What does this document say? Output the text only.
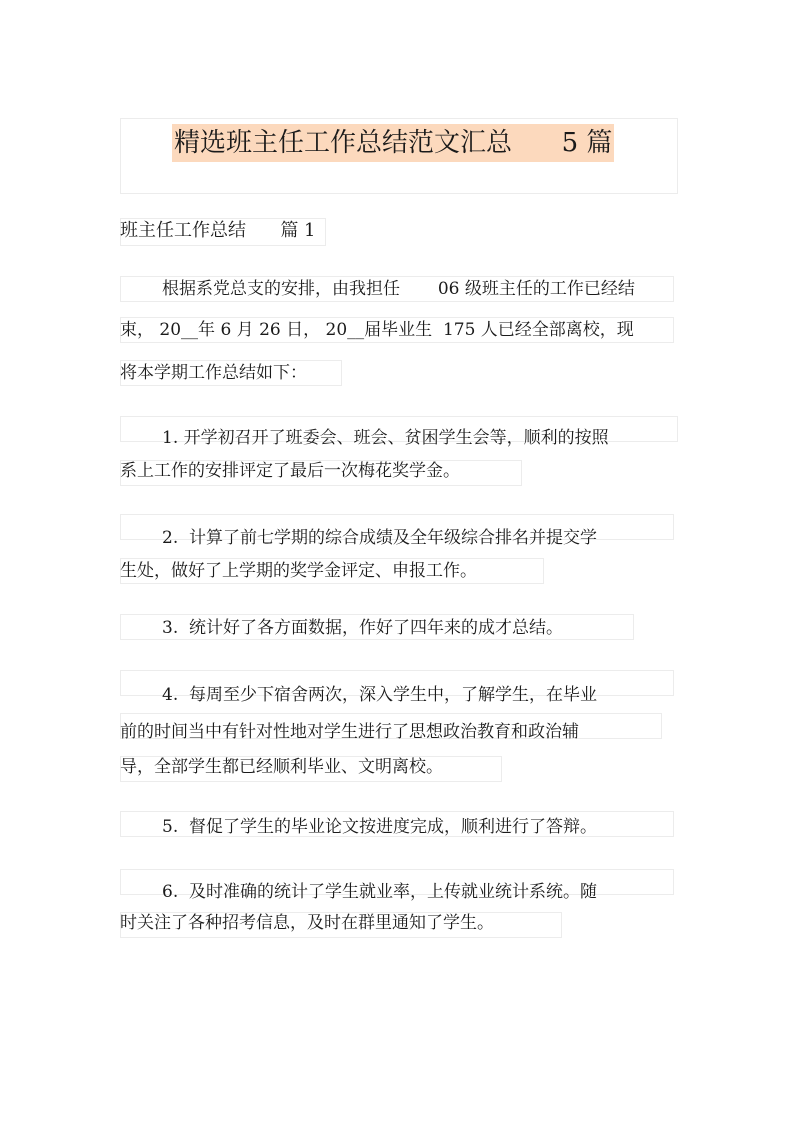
精选班主任工作总结范文汇总      5 篇
班主任工作总结      篇 1
根据系党总支的安排，由我担任       06 级班主任的工作已经结
束， 20__年 6 月 26 日， 20__届毕业生  175 人已经全部离校，现
将本学期工作总结如下：
1. 开学初召开了班委会、班会、贫困学生会等，顺利的按照
系上工作的安排评定了最后一次梅花奖学金。
2.  计算了前七学期的综合成绩及全年级综合排名并提交学
生处，做好了上学期的奖学金评定、申报工作。
3.  统计好了各方面数据，作好了四年来的成才总结。
4.  每周至少下宿舍两次，深入学生中，了解学生，在毕业
前的时间当中有针对性地对学生进行了思想政治教育和政治辅
导，全部学生都已经顺利毕业、文明离校。
5.  督促了学生的毕业论文按进度完成，顺利进行了答辩。
6.  及时准确的统计了学生就业率，上传就业统计系统。随
时关注了各种招考信息，及时在群里通知了学生。
